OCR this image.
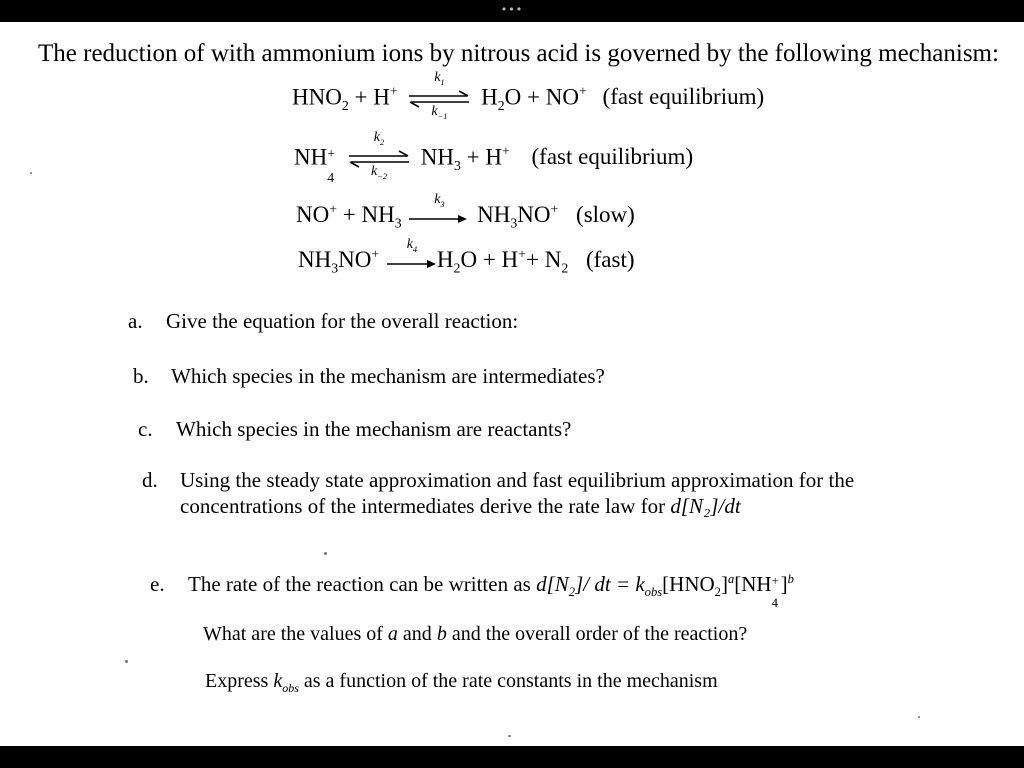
•••
The reduction of with ammonium ions by nitrous acid is governed by the following mechanism:
$HNO_2 + H^+$
$k_1$
$k_{-1}$
$H_2O + NO^+$ (fast equilibrium)
NH +
4

$k_2$
$k_{-2}$
$NH_3 + H^+$ (fast equilibrium)
$NO^+ + NH_3$
$k_3$	$NH_3NO^+$ (slow)
$NH_3NO^+$
$k_4$ $H_2O + H^++ N_2$ (fast)
a. Give the equation for the overall reaction:
b. Which species in the mechanism are intermediates?
c. Which species in the mechanism are reactants?
d. Using the steady state approximation and fast equilibrium approximation for the
concentrations of the intermediates derive the rate law for d[N₂]/dt
e. The rate of the reaction can be written as $d[N_2]/$ dt = $k_{obs}[HNO_2]^a[NH$ +
4
]$^b$
What are the values of a and b and the overall order of the reaction?
Express $k_{obs}$ as a function of the rate constants in the mechanism
